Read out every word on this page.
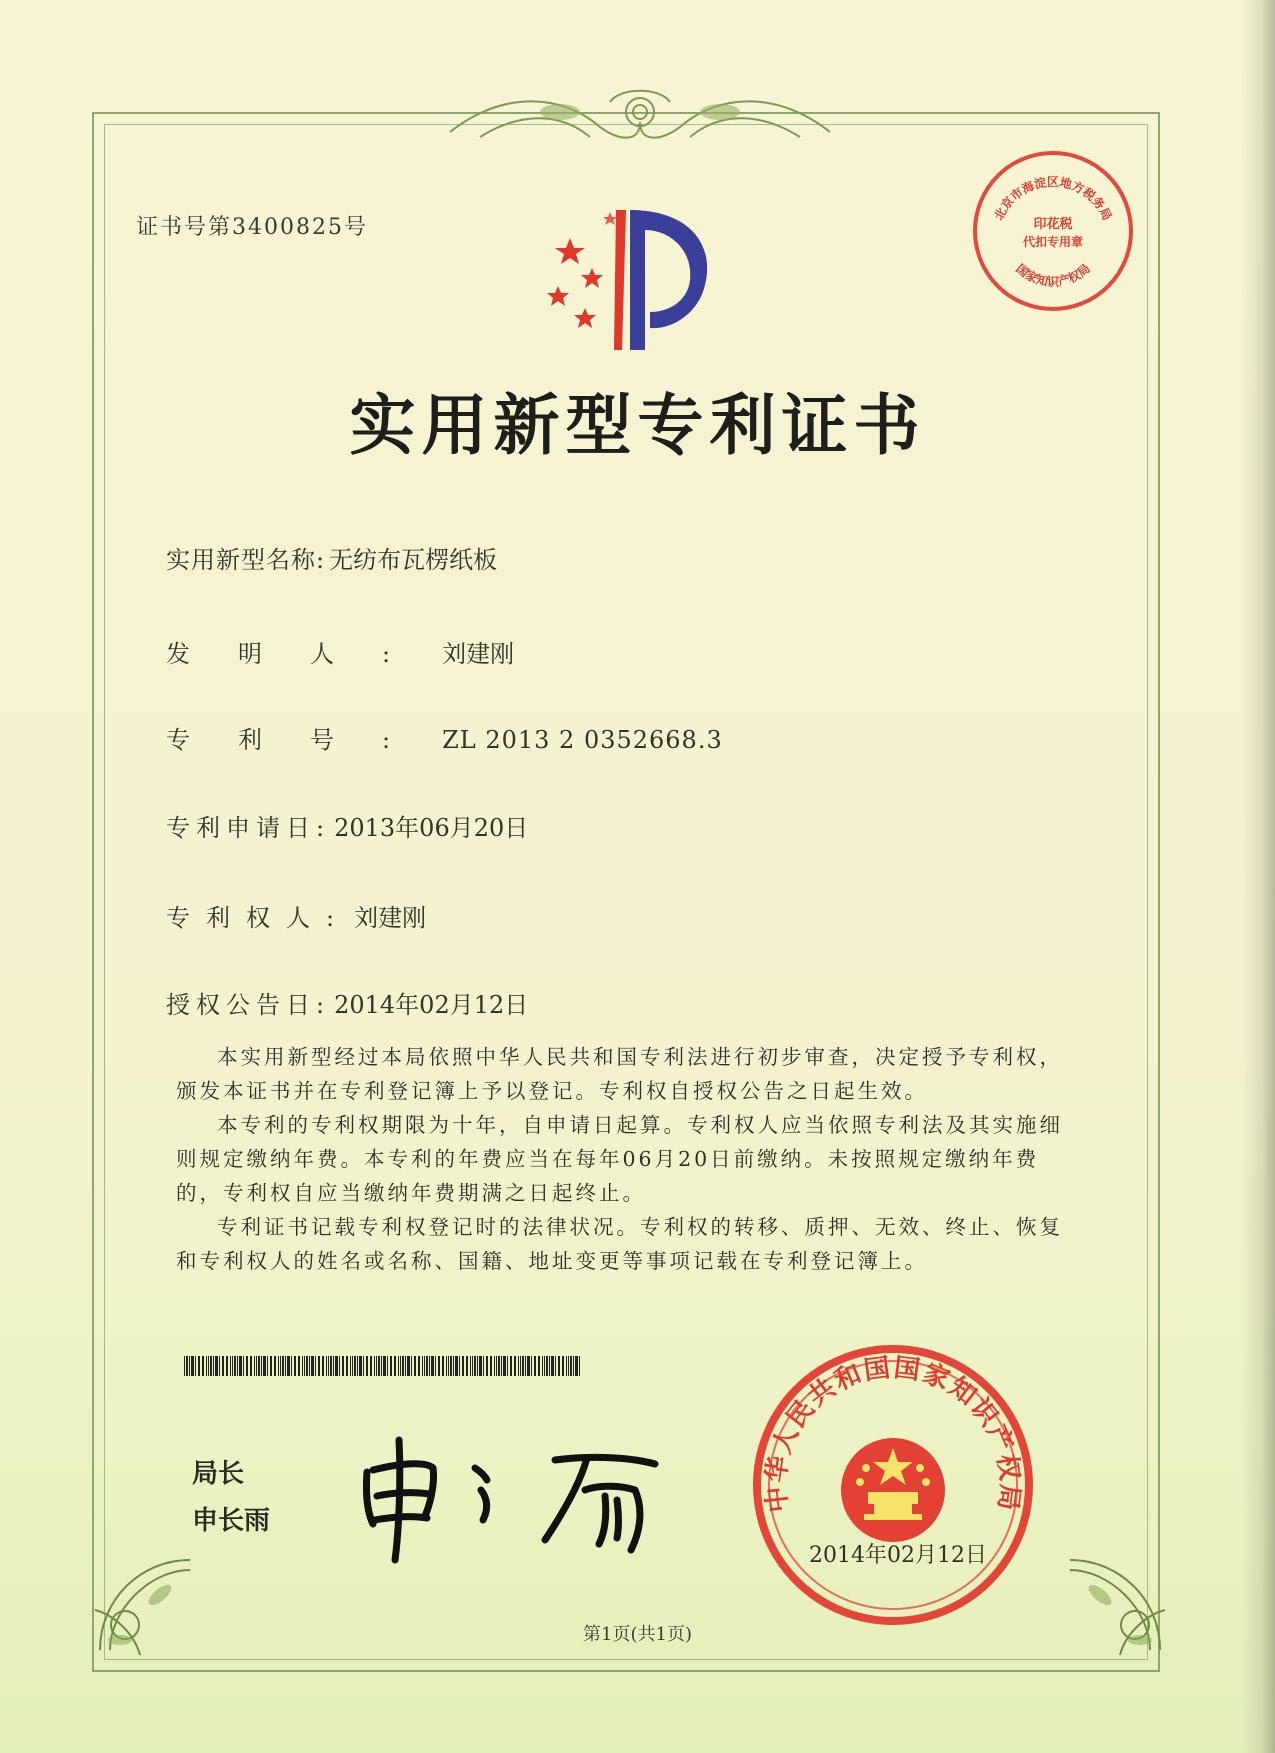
证书号第3400825号
北京市海淀区地方税务局
印花税
代扣专用章
国家知识产权局
实用新型专利证书
实用新型名称: 无纺布瓦楞纸板
发明人: 刘建刚
专利号: ZL 2013 2 0352668.3
专利申请日: 2013年06月20日
专利权人: 刘建刚
授权公告日: 2014年02月12日

本实用新型经过本局依照中华人民共和国专利法进行初步审查，决定授予专利权，颁发本证书并在专利登记簿上予以登记。专利权自授权公告之日起生效。

本专利的专利权期限为十年，自申请日起算。专利权人应当依照专利法及其实施细则规定缴纳年费。本专利的年费应当在每年06月20日前缴纳。未按照规定缴纳年费的，专利权自应当缴纳年费期满之日起终止。

专利证书记载专利权登记时的法律状况。专利权的转移、质押、无效、终止、恢复和专利权人的姓名或名称、国籍、地址变更等事项记载在专利登记簿上。

局长
申长雨
中华人民共和国国家知识产权局
2014年02月12日
第1页(共1页)
